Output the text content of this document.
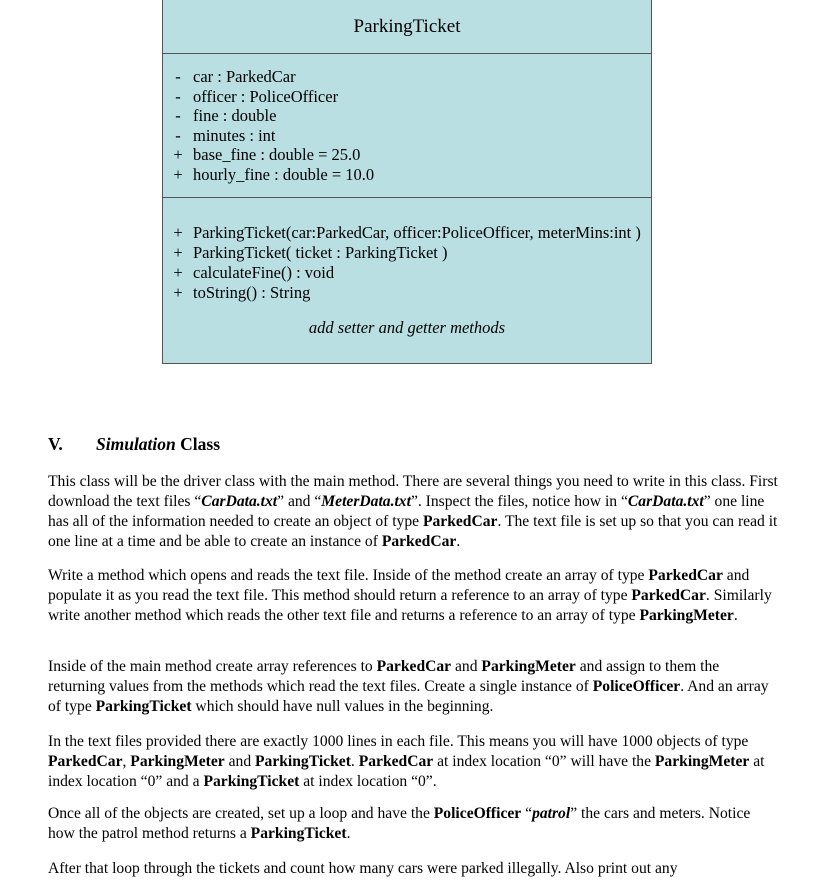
ParkingTicket
- car : ParkedCar
- officer : PoliceOfficer
- fine : double
- minutes : int
+ base_fine : double = 25.0
+ hourly_fine : double = 10.0
+ ParkingTicket(car:ParkedCar, officer:PoliceOfficer, meterMins:int )
+ ParkingTicket( ticket : ParkingTicket )
+ calculateFine() : void
+ toString() : String
add setter and getter methods
V. Simulation Class
This class will be the driver class with the main method. There are several things you need to write in this class. First download the text files “CarData.txt” and “MeterData.txt”. Inspect the files, notice how in “CarData.txt” one line has all of the information needed to create an object of type ParkedCar. The text file is set up so that you can read it one line at a time and be able to create an instance of ParkedCar.
Write a method which opens and reads the text file. Inside of the method create an array of type ParkedCar and populate it as you read the text file. This method should return a reference to an array of type ParkedCar. Similarly write another method which reads the other text file and returns a reference to an array of type ParkingMeter.
Inside of the main method create array references to ParkedCar and ParkingMeter and assign to them the returning values from the methods which read the text files. Create a single instance of PoliceOfficer. And an array of type ParkingTicket which should have null values in the beginning.
In the text files provided there are exactly 1000 lines in each file. This means you will have 1000 objects of type ParkedCar, ParkingMeter and ParkingTicket. ParkedCar at index location “0” will have the ParkingMeter at index location “0” and a ParkingTicket at index location “0”.
Once all of the objects are created, set up a loop and have the PoliceOfficer “patrol” the cars and meters. Notice how the patrol method returns a ParkingTicket.
After that loop through the tickets and count how many cars were parked illegally. Also print out any
